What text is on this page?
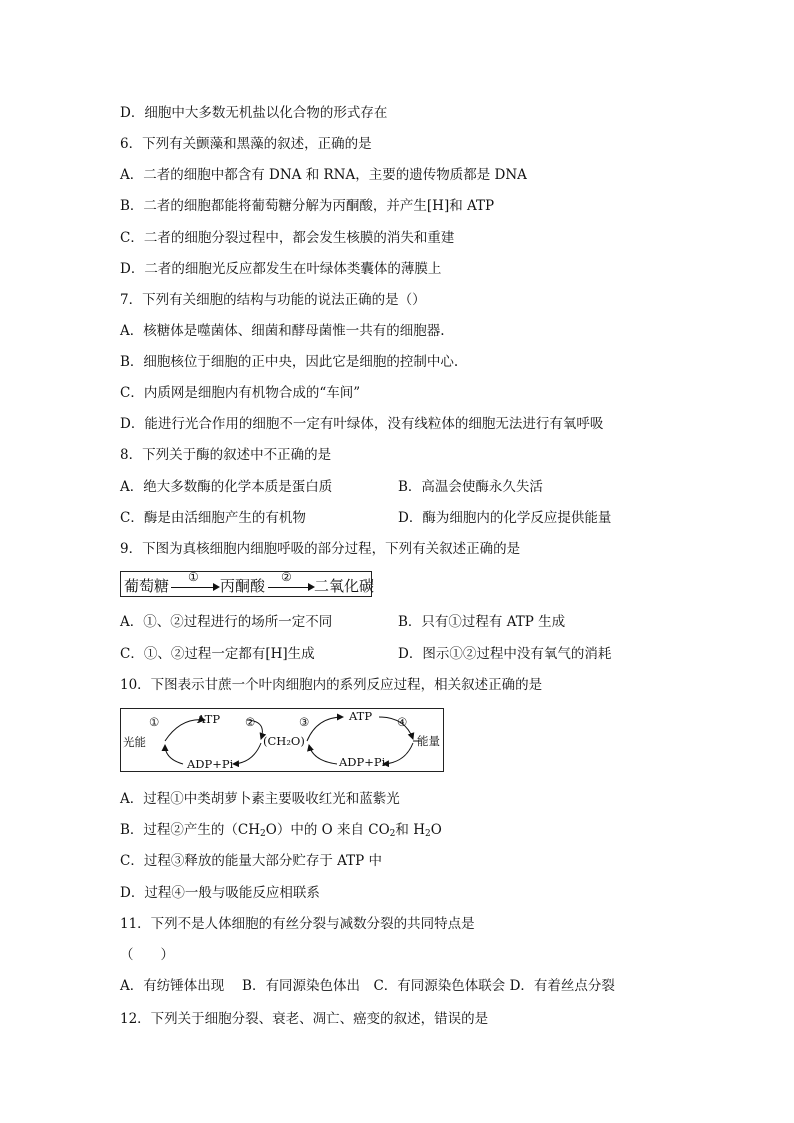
D．细胞中大多数无机盐以化合物的形式存在
6．下列有关颤藻和黑藻的叙述，正确的是
A．二者的细胞中都含有 DNA 和 RNA，主要的遗传物质都是 DNA
B．二者的细胞都能将葡萄糖分解为丙酮酸，并产生[H]和 ATP
C．二者的细胞分裂过程中，都会发生核膜的消失和重建
D．二者的细胞光反应都发生在叶绿体类囊体的薄膜上
7．下列有关细胞的结构与功能的说法正确的是（）
A．核糖体是噬菌体、细菌和酵母菌惟一共有的细胞器.
B．细胞核位于细胞的正中央，因此它是细胞的控制中心.
C．内质网是细胞内有机物合成的“车间”
D．能进行光合作用的细胞不一定有叶绿体，没有线粒体的细胞无法进行有氧呼吸
8．下列关于酶的叙述中不正确的是
A．绝大多数酶的化学本质是蛋白质	B．高温会使酶永久失活
C．酶是由活细胞产生的有机物	D．酶为细胞内的化学反应提供能量
9．下图为真核细胞内细胞呼吸的部分过程，下列有关叙述正确的是
葡萄糖 ① 丙酮酸 ② 二氧化碳
A．①、②过程进行的场所一定不同	B．只有①过程有 ATP 生成
C．①、②过程一定都有[H]生成	D．图示①②过程中没有氧气的消耗
10．下图表示甘蔗一个叶肉细胞内的系列反应过程，相关叙述正确的是
光能
①	ATP ②
ADP+Pi
(CH₂O)
③	ATP ④
ADP+Pi
能量
A．过程①中类胡萝卜素主要吸收红光和蓝紫光
B．过程②产生的$(CH_2O)$中的 O 来自 $CO_2$和 $H_2O$
C．过程③释放的能量大部分贮存于 ATP 中
D．过程④一般与吸能反应相联系
11．下列不是人体细胞的有丝分裂与减数分裂的共同特点是
（　　）
A．有纺锤体出现　 B．有同源染色体出　C．有同源染色体联会 D．有着丝点分裂
12．下列关于细胞分裂、衰老、凋亡、癌变的叙述，错误的是
